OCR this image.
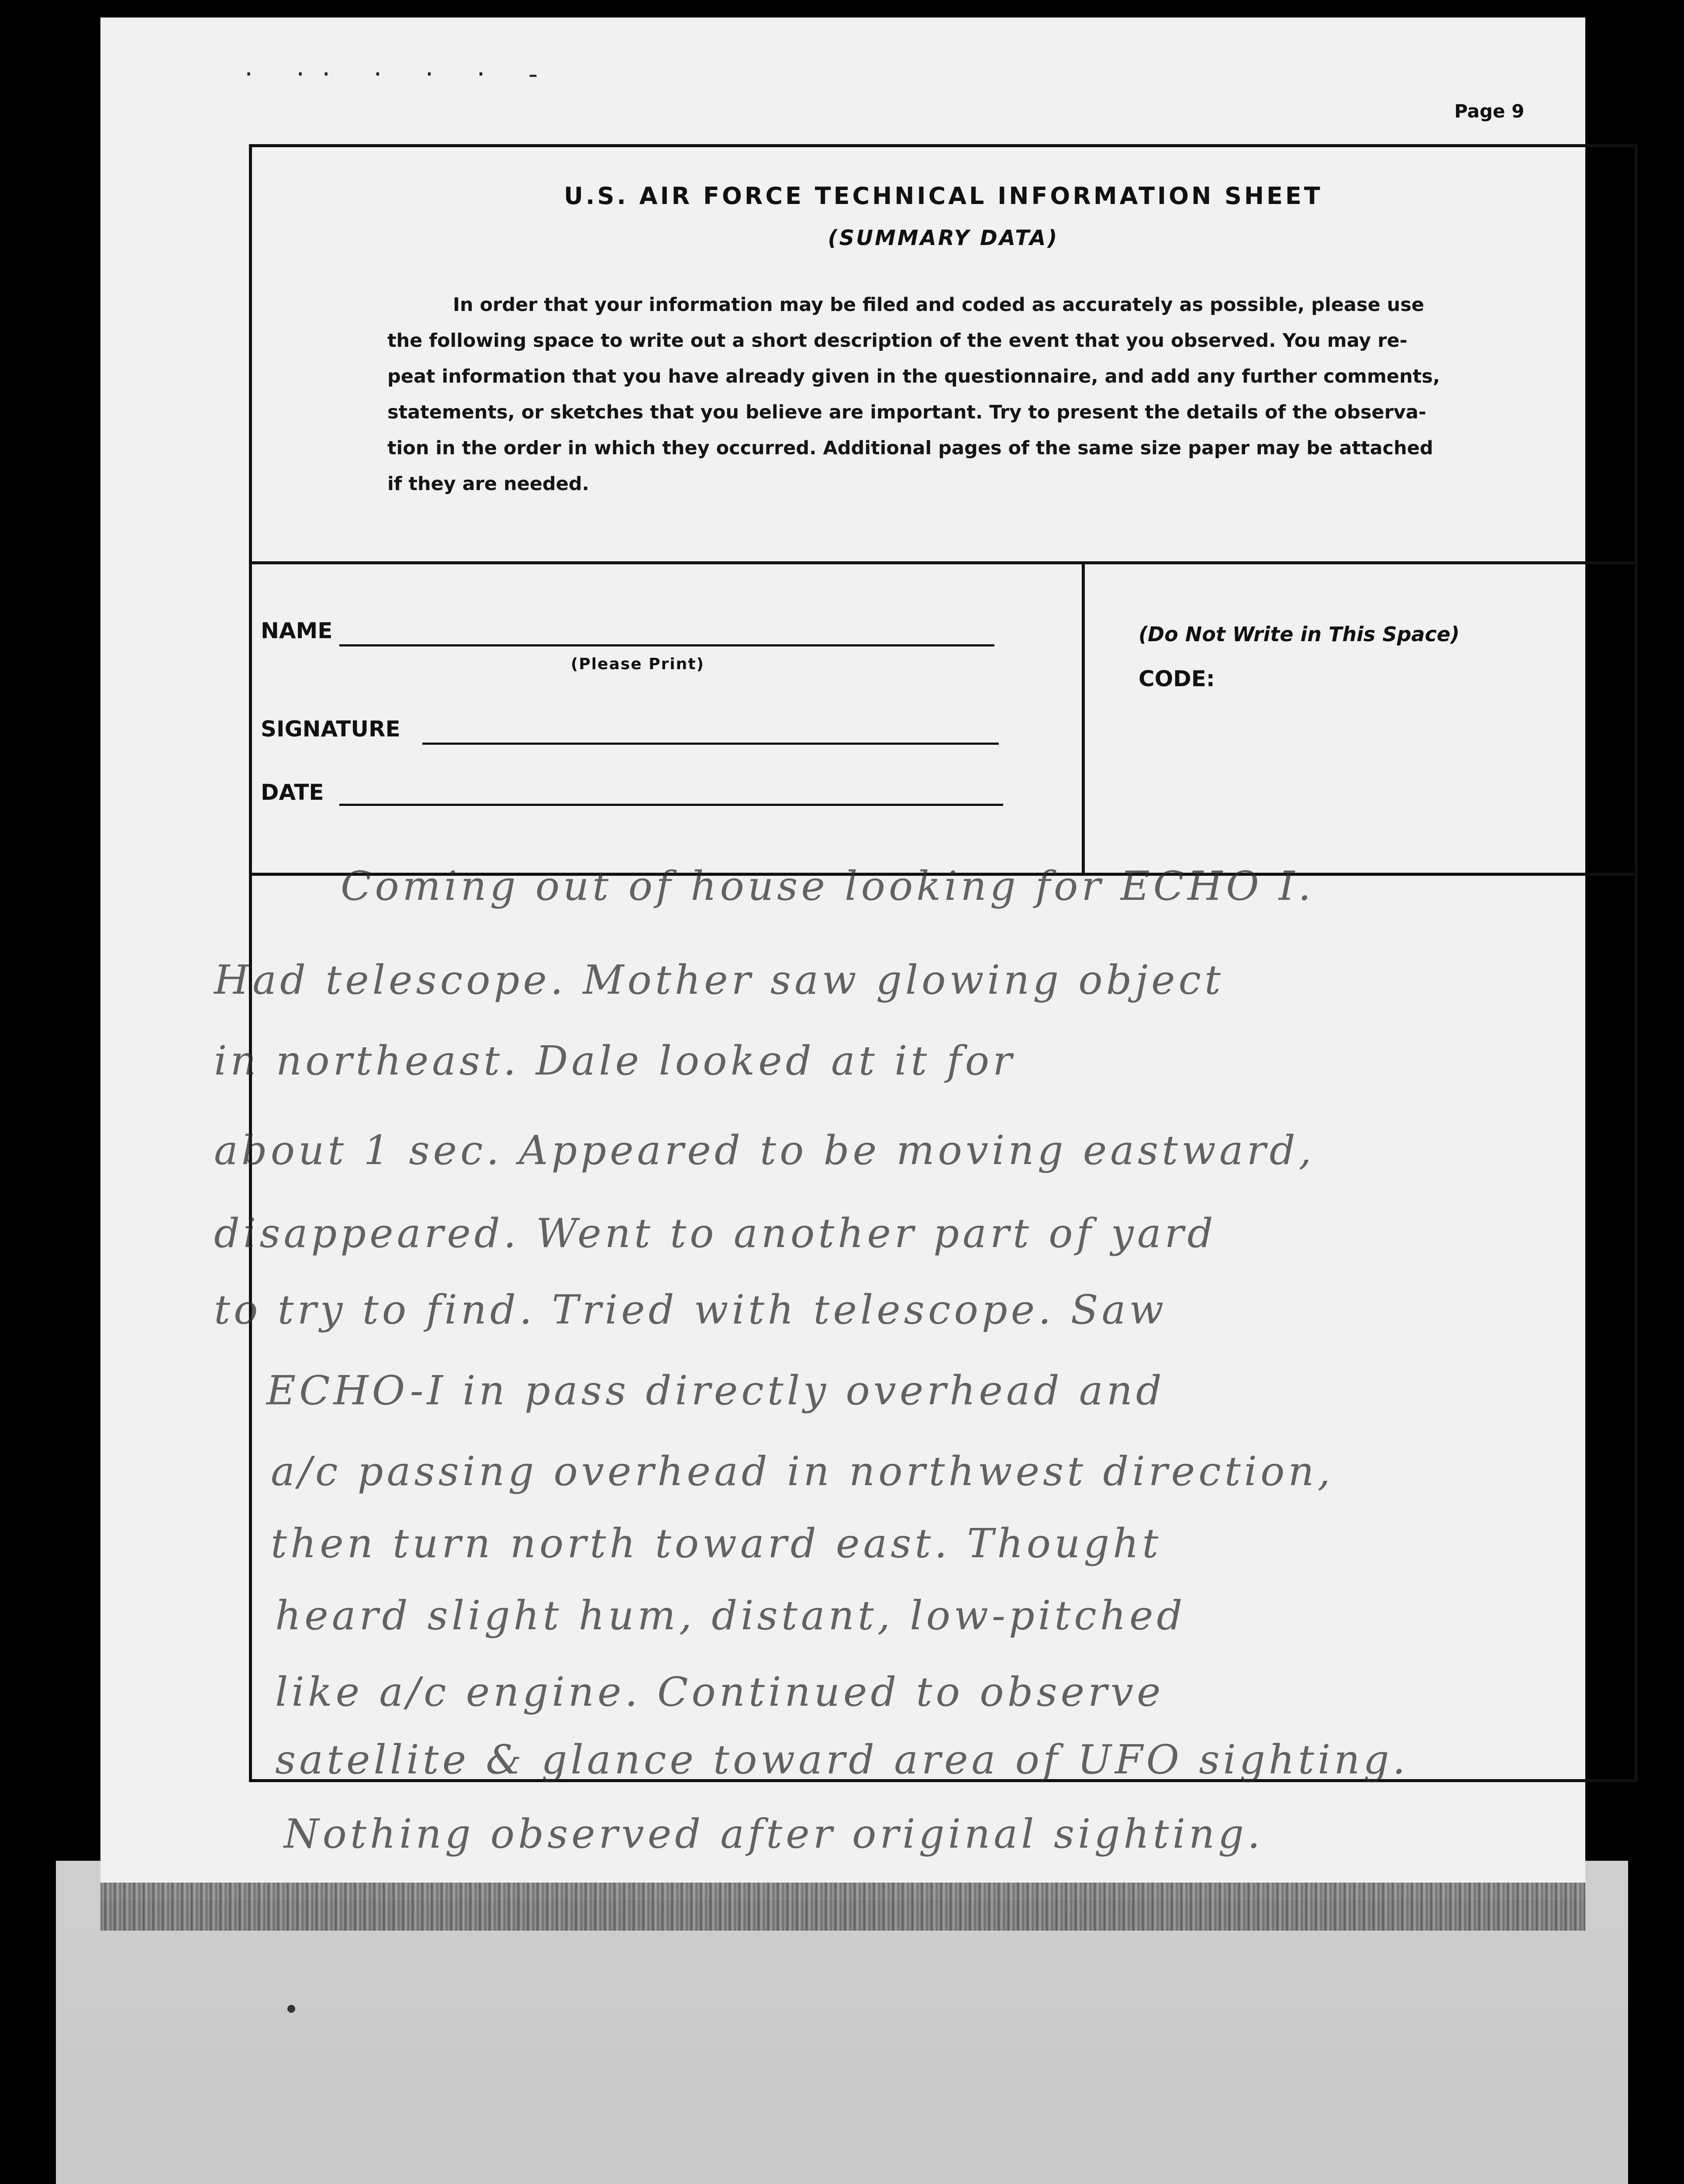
· ·· · · · -
Page 9
U.S. AIR FORCE TECHNICAL INFORMATION SHEET
(SUMMARY DATA)
In order that your information may be filed and coded as accurately as possible, please use
the following space to write out a short description of the event that you observed. You may re-
peat information that you have already given in the questionnaire, and add any further comments,
statements, or sketches that you believe are important. Try to present the details of the observa-
tion in the order in which they occurred. Additional pages of the same size paper may be attached
if they are needed.
NAME
(Please Print)
SIGNATURE
DATE
(Do Not Write in This Space)
CODE:
Coming out of house looking for ECHO I.
Had telescope. Mother saw glowing object
in northeast. Dale looked at it for
about 1 sec. Appeared to be moving eastward,
disappeared. Went to another part of yard
to try to find. Tried with telescope. Saw
ECHO-I in pass directly overhead and
a/c passing overhead in northwest direction,
then turn north toward east. Thought
heard slight hum, distant, low-pitched
like a/c engine. Continued to observe
satellite & glance toward area of UFO sighting.
Nothing observed after original sighting.
